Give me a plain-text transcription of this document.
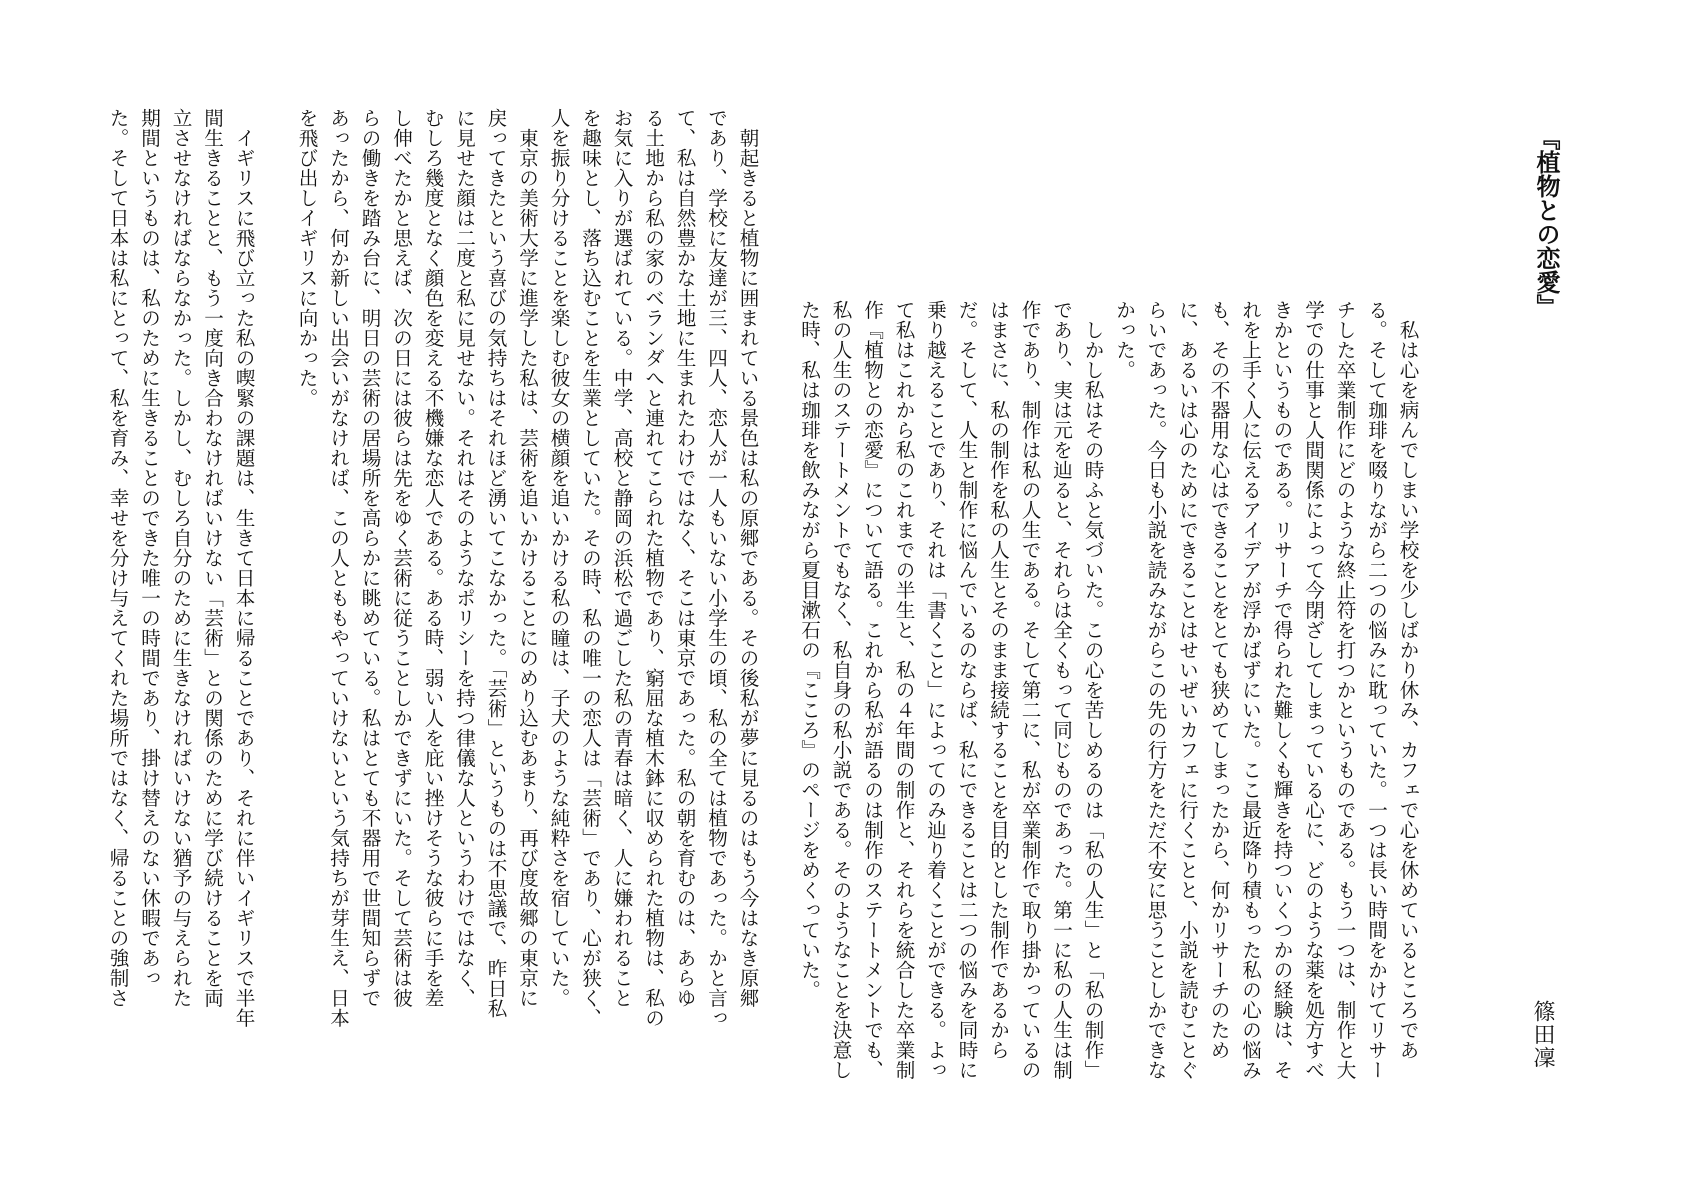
『植物との恋愛』
篠田凜

　私は心を病んでしまい学校を少しばかり休み、カフェで心を休めているところであ
る。そして珈琲を啜りながら二つの悩みに耽っていた。一つは長い時間をかけてリサー
チした卒業制作にどのような終止符を打つかというものである。もう一つは、制作と大
学での仕事と人間関係によって今閉ざしてしまっている心に、どのような薬を処方すべ
きかというものである。リサーチで得られた難しくも輝きを持ついくつかの経験は、そ
れを上手く人に伝えるアイデアが浮かばずにいた。ここ最近降り積もった私の心の悩み
も、その不器用な心はできることをとても狭めてしまったから、何かリサーチのため
に、あるいは心のためにできることはせいぜいカフェに行くことと、小説を読むことぐ
らいであった。今日も小説を読みながらこの先の行方をただ不安に思うことしかできな
かった。
　しかし私はその時ふと気づいた。この心を苦しめるのは「私の人生」と「私の制作」
であり、実は元を辿ると、それらは全くもって同じものであった。第一に私の人生は制
作であり、制作は私の人生である。そして第二に、私が卒業制作で取り掛かっているの
はまさに、私の制作を私の人生とそのまま接続することを目的とした制作であるから
だ。そして、人生と制作に悩んでいるのならば、私にできることは二つの悩みを同時に
乗り越えることであり、それは「書くこと」によってのみ辿り着くことができる。よっ
て私はこれから私のこれまでの半生と、私の４年間の制作と、それらを統合した卒業制
作『植物との恋愛』について語る。これから私が語るのは制作のステートメントでも、
私の人生のステートメントでもなく、私自身の私小説である。そのようなことを決意し
た時、私は珈琲を飲みながら夏目漱石の『こころ』のページをめくっていた。

　朝起きると植物に囲まれている景色は私の原郷である。その後私が夢に見るのはもう今はなき原郷
であり、学校に友達が三、四人、恋人が一人もいない小学生の頃、私の全ては植物であった。かと言っ
て、私は自然豊かな土地に生まれたわけではなく、そこは東京であった。私の朝を育むのは、あらゆ
る土地から私の家のベランダへと連れてこられた植物であり、窮屈な植木鉢に収められた植物は、私の
お気に入りが選ばれている。中学、高校と静岡の浜松で過ごした私の青春は暗く、人に嫌われること
を趣味とし、落ち込むことを生業としていた。その時、私の唯一の恋人は「芸術」であり、心が狭く、
人を振り分けることを楽しむ彼女の横顔を追いかける私の瞳は、子犬のような純粋さを宿していた。
　東京の美術大学に進学した私は、芸術を追いかけることにのめり込むあまり、再び度故郷の東京に
戻ってきたという喜びの気持ちはそれほど湧いてこなかった。「芸術」というものは不思議で、昨日私
に見せた顔は二度と私に見せない。それはそのようなポリシーを持つ律儀な人というわけではなく、
むしろ幾度となく顔色を変える不機嫌な恋人である。ある時、弱い人を庇い挫けそうな彼らに手を差
し伸べたかと思えば、次の日には彼らは先をゆく芸術に従うことしかできずにいた。そして芸術は彼
らの働きを踏み台に、明日の芸術の居場所を高らかに眺めている。私はとても不器用で世間知らずで
あったから、何か新しい出会いがなければ、この人とももやっていけないという気持ちが芽生え、日本
を飛び出しイギリスに向かった。
　イギリスに飛び立った私の喫緊の課題は、生きて日本に帰ることであり、それに伴いイギリスで半年
間生きることと、もう一度向き合わなければいけない「芸術」との関係のために学び続けることを両
立させなければならなかった。しかし、むしろ自分のために生きなければいけない猶予の与えられた
期間というものは、私のために生きることのできた唯一の時間であり、掛け替えのない休暇であっ
た。そして日本は私にとって、私を育み、幸せを分け与えてくれた場所ではなく、帰ることの強制さ
